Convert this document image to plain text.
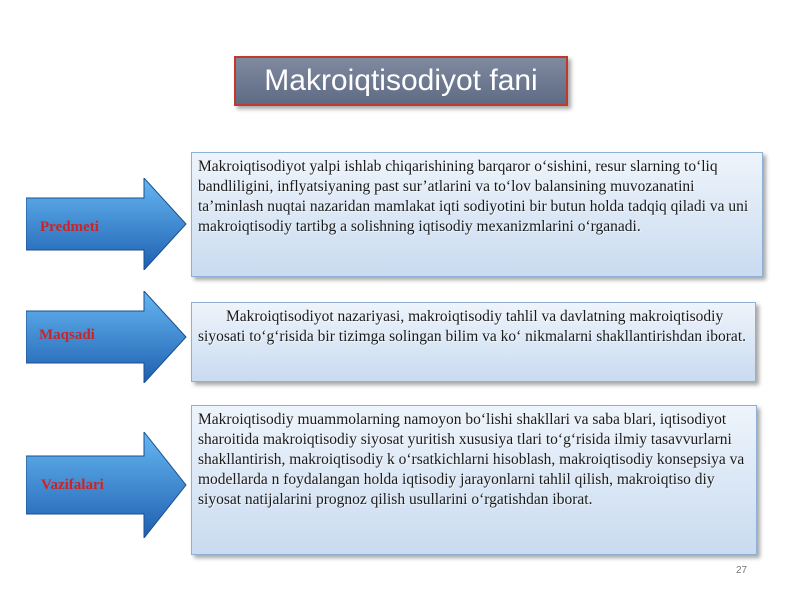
Makroiqtisodiyot fani
Predmeti
Makroiqtisodiyot yalpi ishlab chiqarishining barqaror o‘sishini, resur slarning to‘liq bandliligini, inflyatsiyaning past sur’atlarini va to‘lov balansining muvozanatini ta’minlash nuqtai nazaridan mamlakat iqti sodiyotini bir butun holda tadqiq qiladi va uni makroiqtisodiy tartibg a solishning iqtisodiy mexanizmlarini o‘rganadi.
Maqsadi
Makroiqtisodiyot nazariyasi, makroiqtisodiy tahlil va davlatning makroiqtisodiy siyosati to‘g‘risida bir tizimga solingan bilim va ko‘ nikmalarni shakllantirishdan iborat.
Vazifalari
Makroiqtisodiy muammolarning namoyon bo‘lishi shakllari va saba blari, iqtisodiyot sharoitida makroiqtisodiy siyosat yuritish xususiya tlari to‘g‘risida ilmiy tasavvurlarni shakllantirish, makroiqtisodiy k o‘rsatkichlarni hisoblash, makroiqtisodiy konsepsiya va modellarda n foydalangan holda iqtisodiy jarayonlarni tahlil qilish, makroiqtiso diy siyosat natijalarini prognoz qilish usullarini o‘rgatishdan iborat.
27
